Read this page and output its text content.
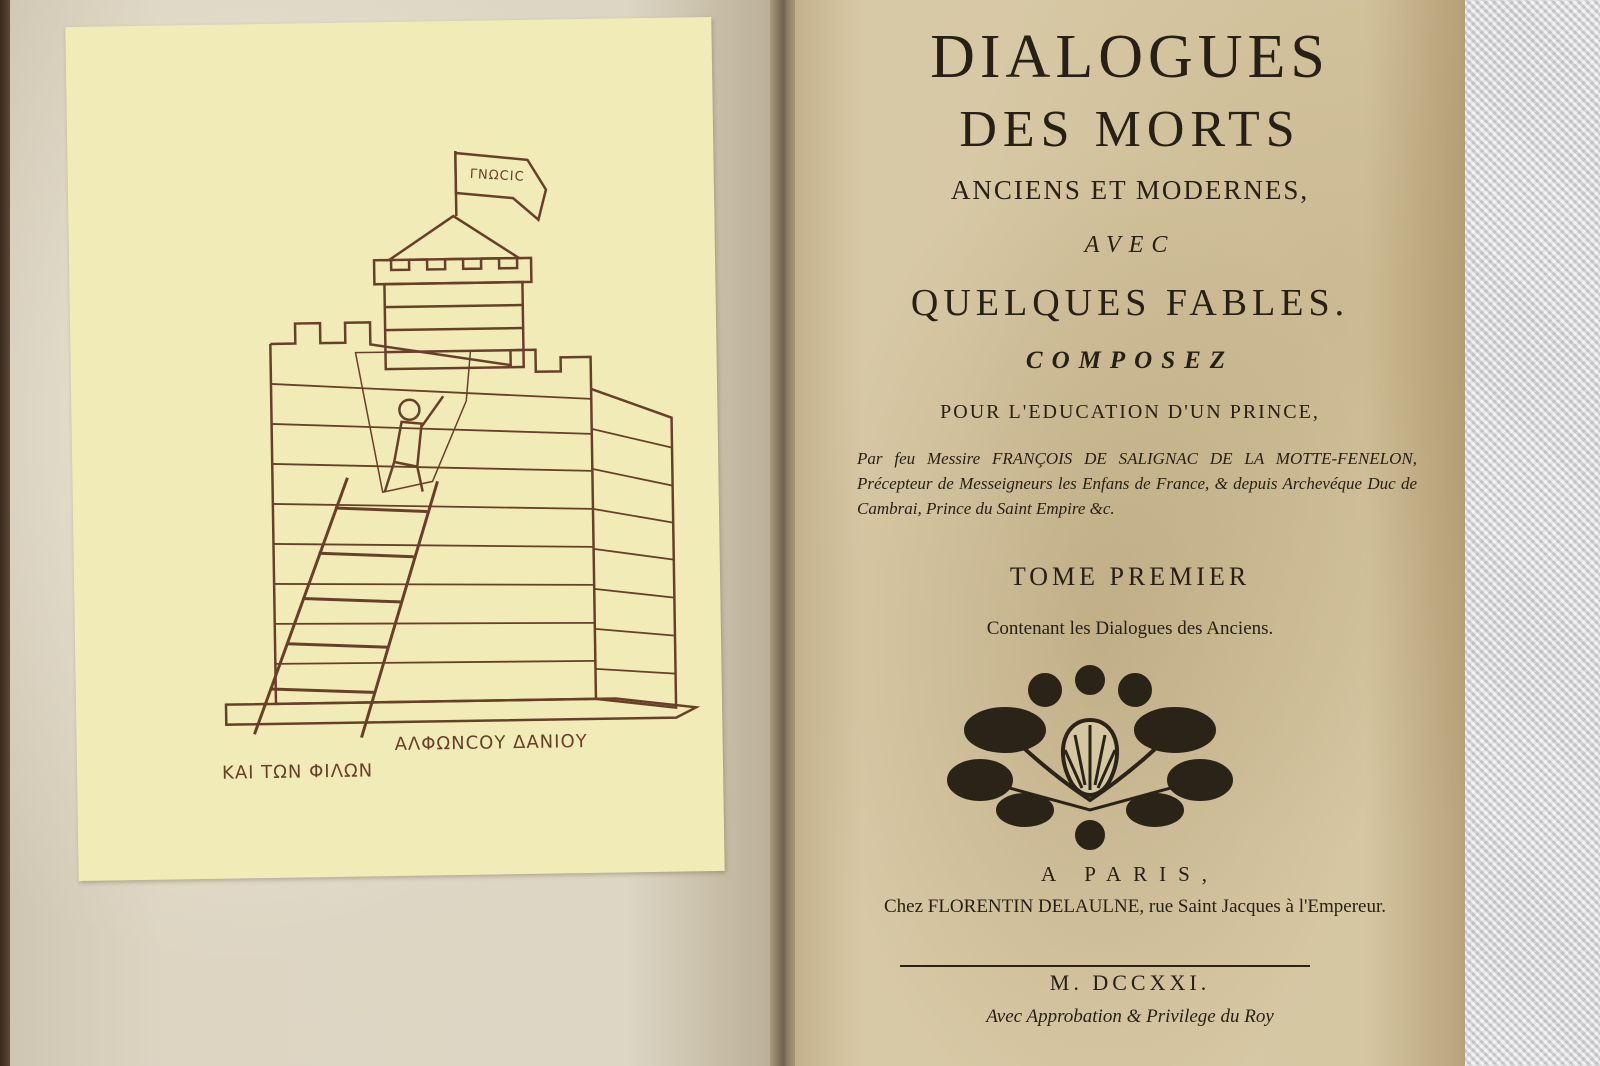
ΓΝΩCIC
ΑΛΦΩΝCΟΥ ΔΑΝΙΟΥ
ΚΑΙ ΤΩΝ ΦΙΛΩΝ
DIALOGUES
DES MORTS
ANCIENS ET MODERNES,
AVEC
QUELQUES FABLES.
COMPOSEZ
POUR L'EDUCATION D'UN PRINCE,
Par feu Messire FRANÇOIS DE SALIGNAC DE LA MOTTE-FENELON, Précepteur de Messeigneurs les Enfans de France, & depuis Archevéque Duc de Cambrai, Prince du Saint Empire &c.
TOME PREMIER
Contenant les Dialogues des Anciens.
A PARIS,
Chez FLORENTIN DELAULNE, rue Saint Jacques à l'Empereur.
M. DCCXXI.
Avec Approbation & Privilege du Roy
